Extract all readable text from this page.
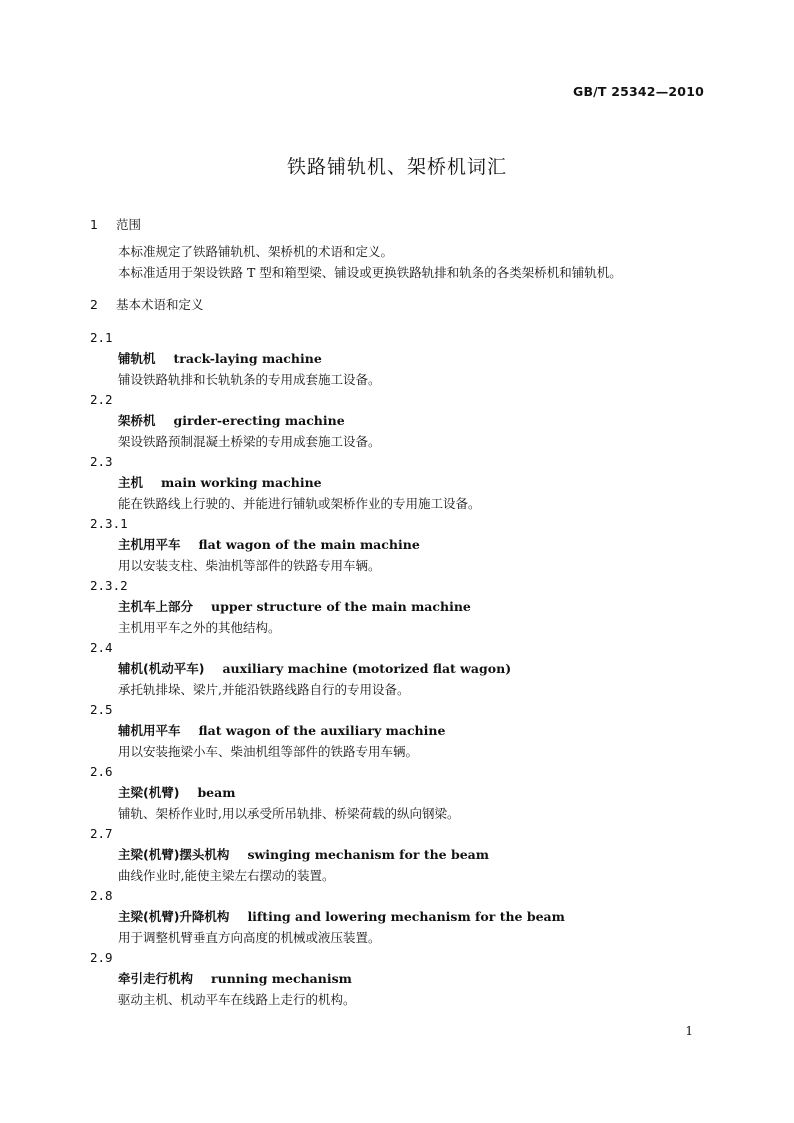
GB/T 25342—2010
铁路铺轨机、架桥机词汇
1 范围
本标准规定了铁路铺轨机、架桥机的术语和定义。
本标准适用于架设铁路 T 型和箱型梁、铺设或更换铁路轨排和轨条的各类架桥机和铺轨机。
2 基本术语和定义
2.1
铺轨机 track-laying machine
铺设铁路轨排和长轨轨条的专用成套施工设备。
2.2
架桥机 girder-erecting machine
架设铁路预制混凝土桥梁的专用成套施工设备。
2.3
主机 main working machine
能在铁路线上行驶的、并能进行铺轨或架桥作业的专用施工设备。
2.3.1
主机用平车 flat wagon of the main machine
用以安装支柱、柴油机等部件的铁路专用车辆。
2.3.2
主机车上部分 upper structure of the main machine
主机用平车之外的其他结构。
2.4
辅机(机动平车) auxiliary machine (motorized flat wagon)
承托轨排垛、梁片,并能沿铁路线路自行的专用设备。
2.5
辅机用平车 flat wagon of the auxiliary machine
用以安装拖梁小车、柴油机组等部件的铁路专用车辆。
2.6
主梁(机臂) beam
铺轨、架桥作业时,用以承受所吊轨排、桥梁荷载的纵向钢梁。
2.7
主梁(机臂)摆头机构 swinging mechanism for the beam
曲线作业时,能使主梁左右摆动的装置。
2.8
主梁(机臂)升降机构 lifting and lowering mechanism for the beam
用于调整机臂垂直方向高度的机械或液压装置。
2.9
牵引走行机构 running mechanism
驱动主机、机动平车在线路上走行的机构。
1
